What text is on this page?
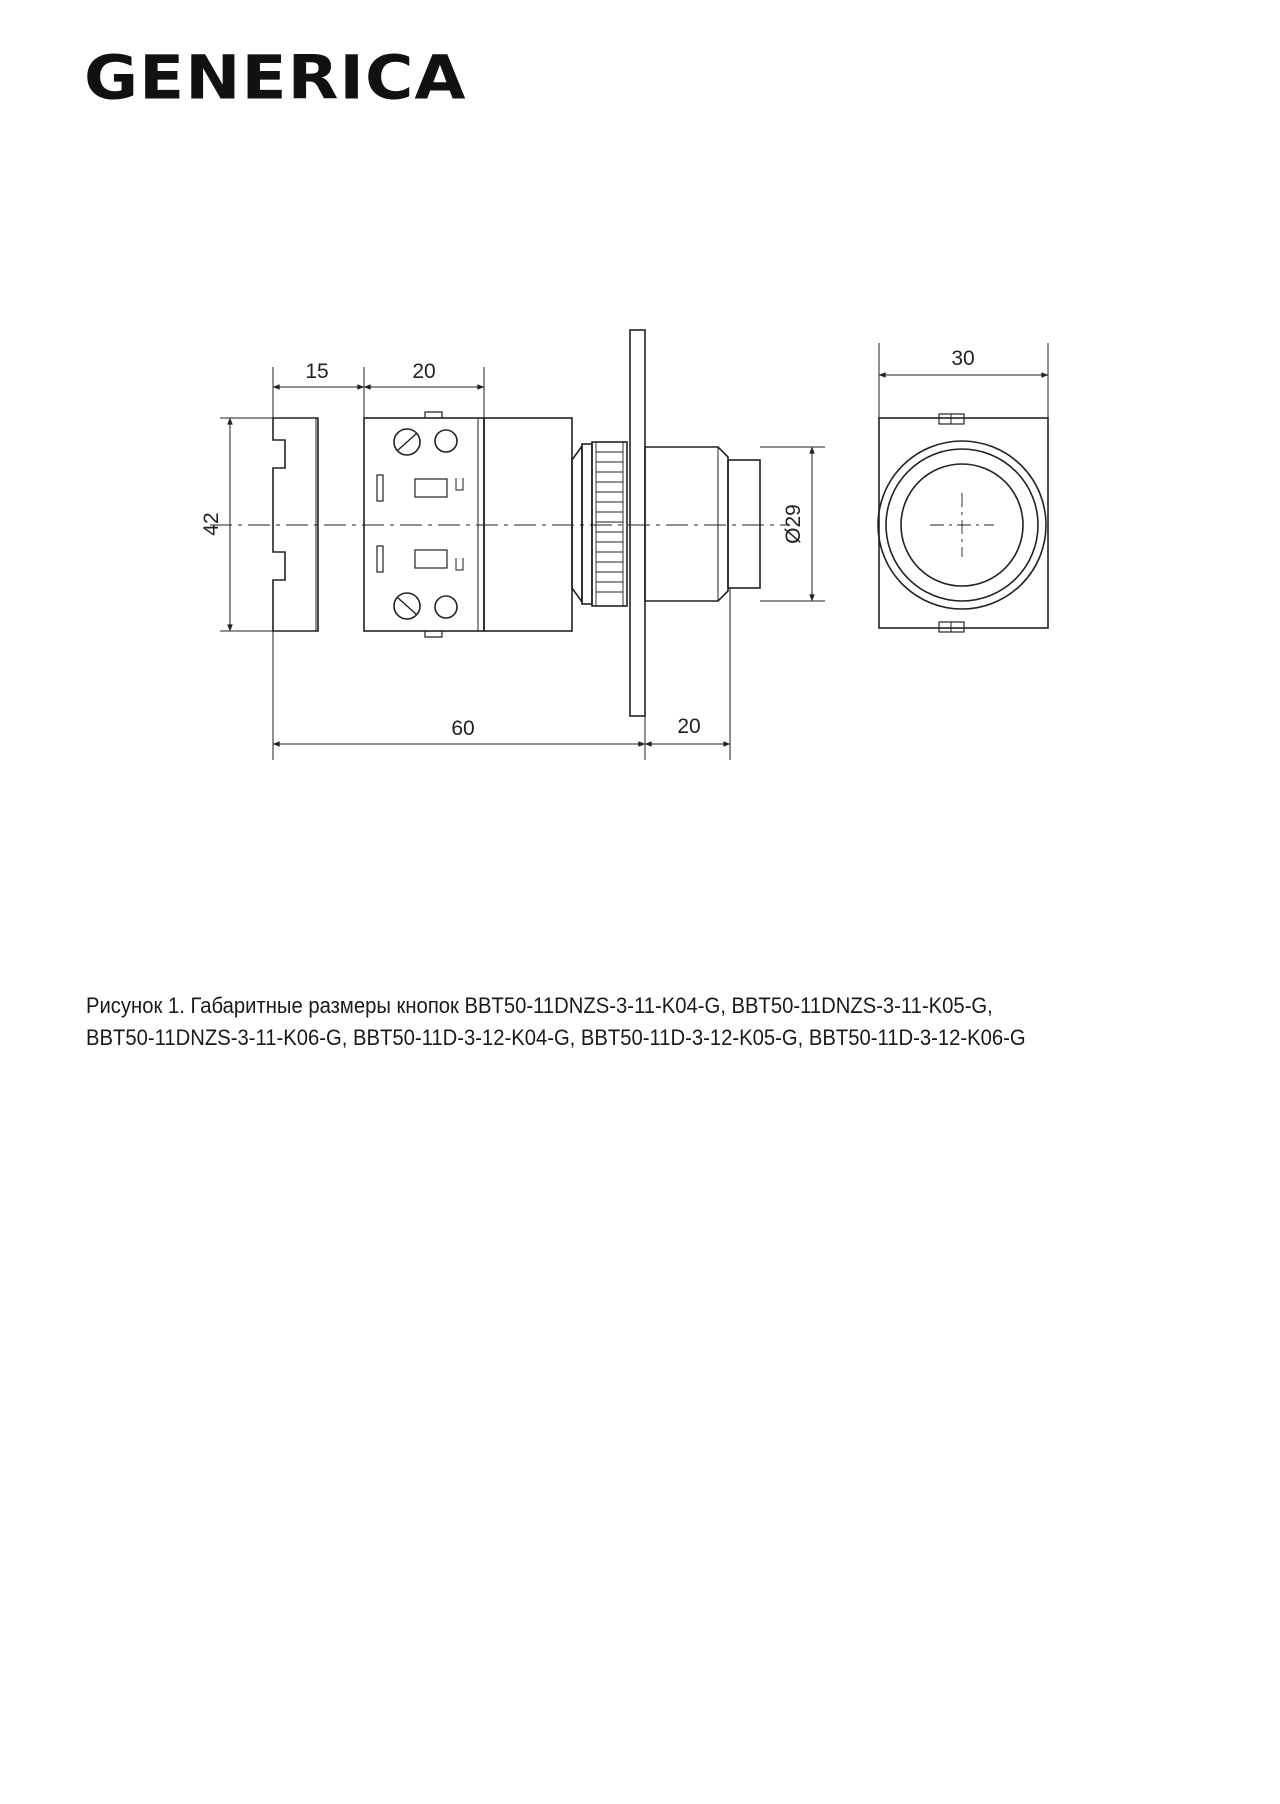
GENERICA
15	20
42
60	20
Ø29
30
Рисунок 1. Габаритные размеры кнопок BBT50-11DNZS-3-11-K04-G, BBT50-11DNZS-3-11-K05-G,
BBT50-11DNZS-3-11-K06-G, BBT50-11D-3-12-K04-G, BBT50-11D-3-12-K05-G, BBT50-11D-3-12-K06-G
